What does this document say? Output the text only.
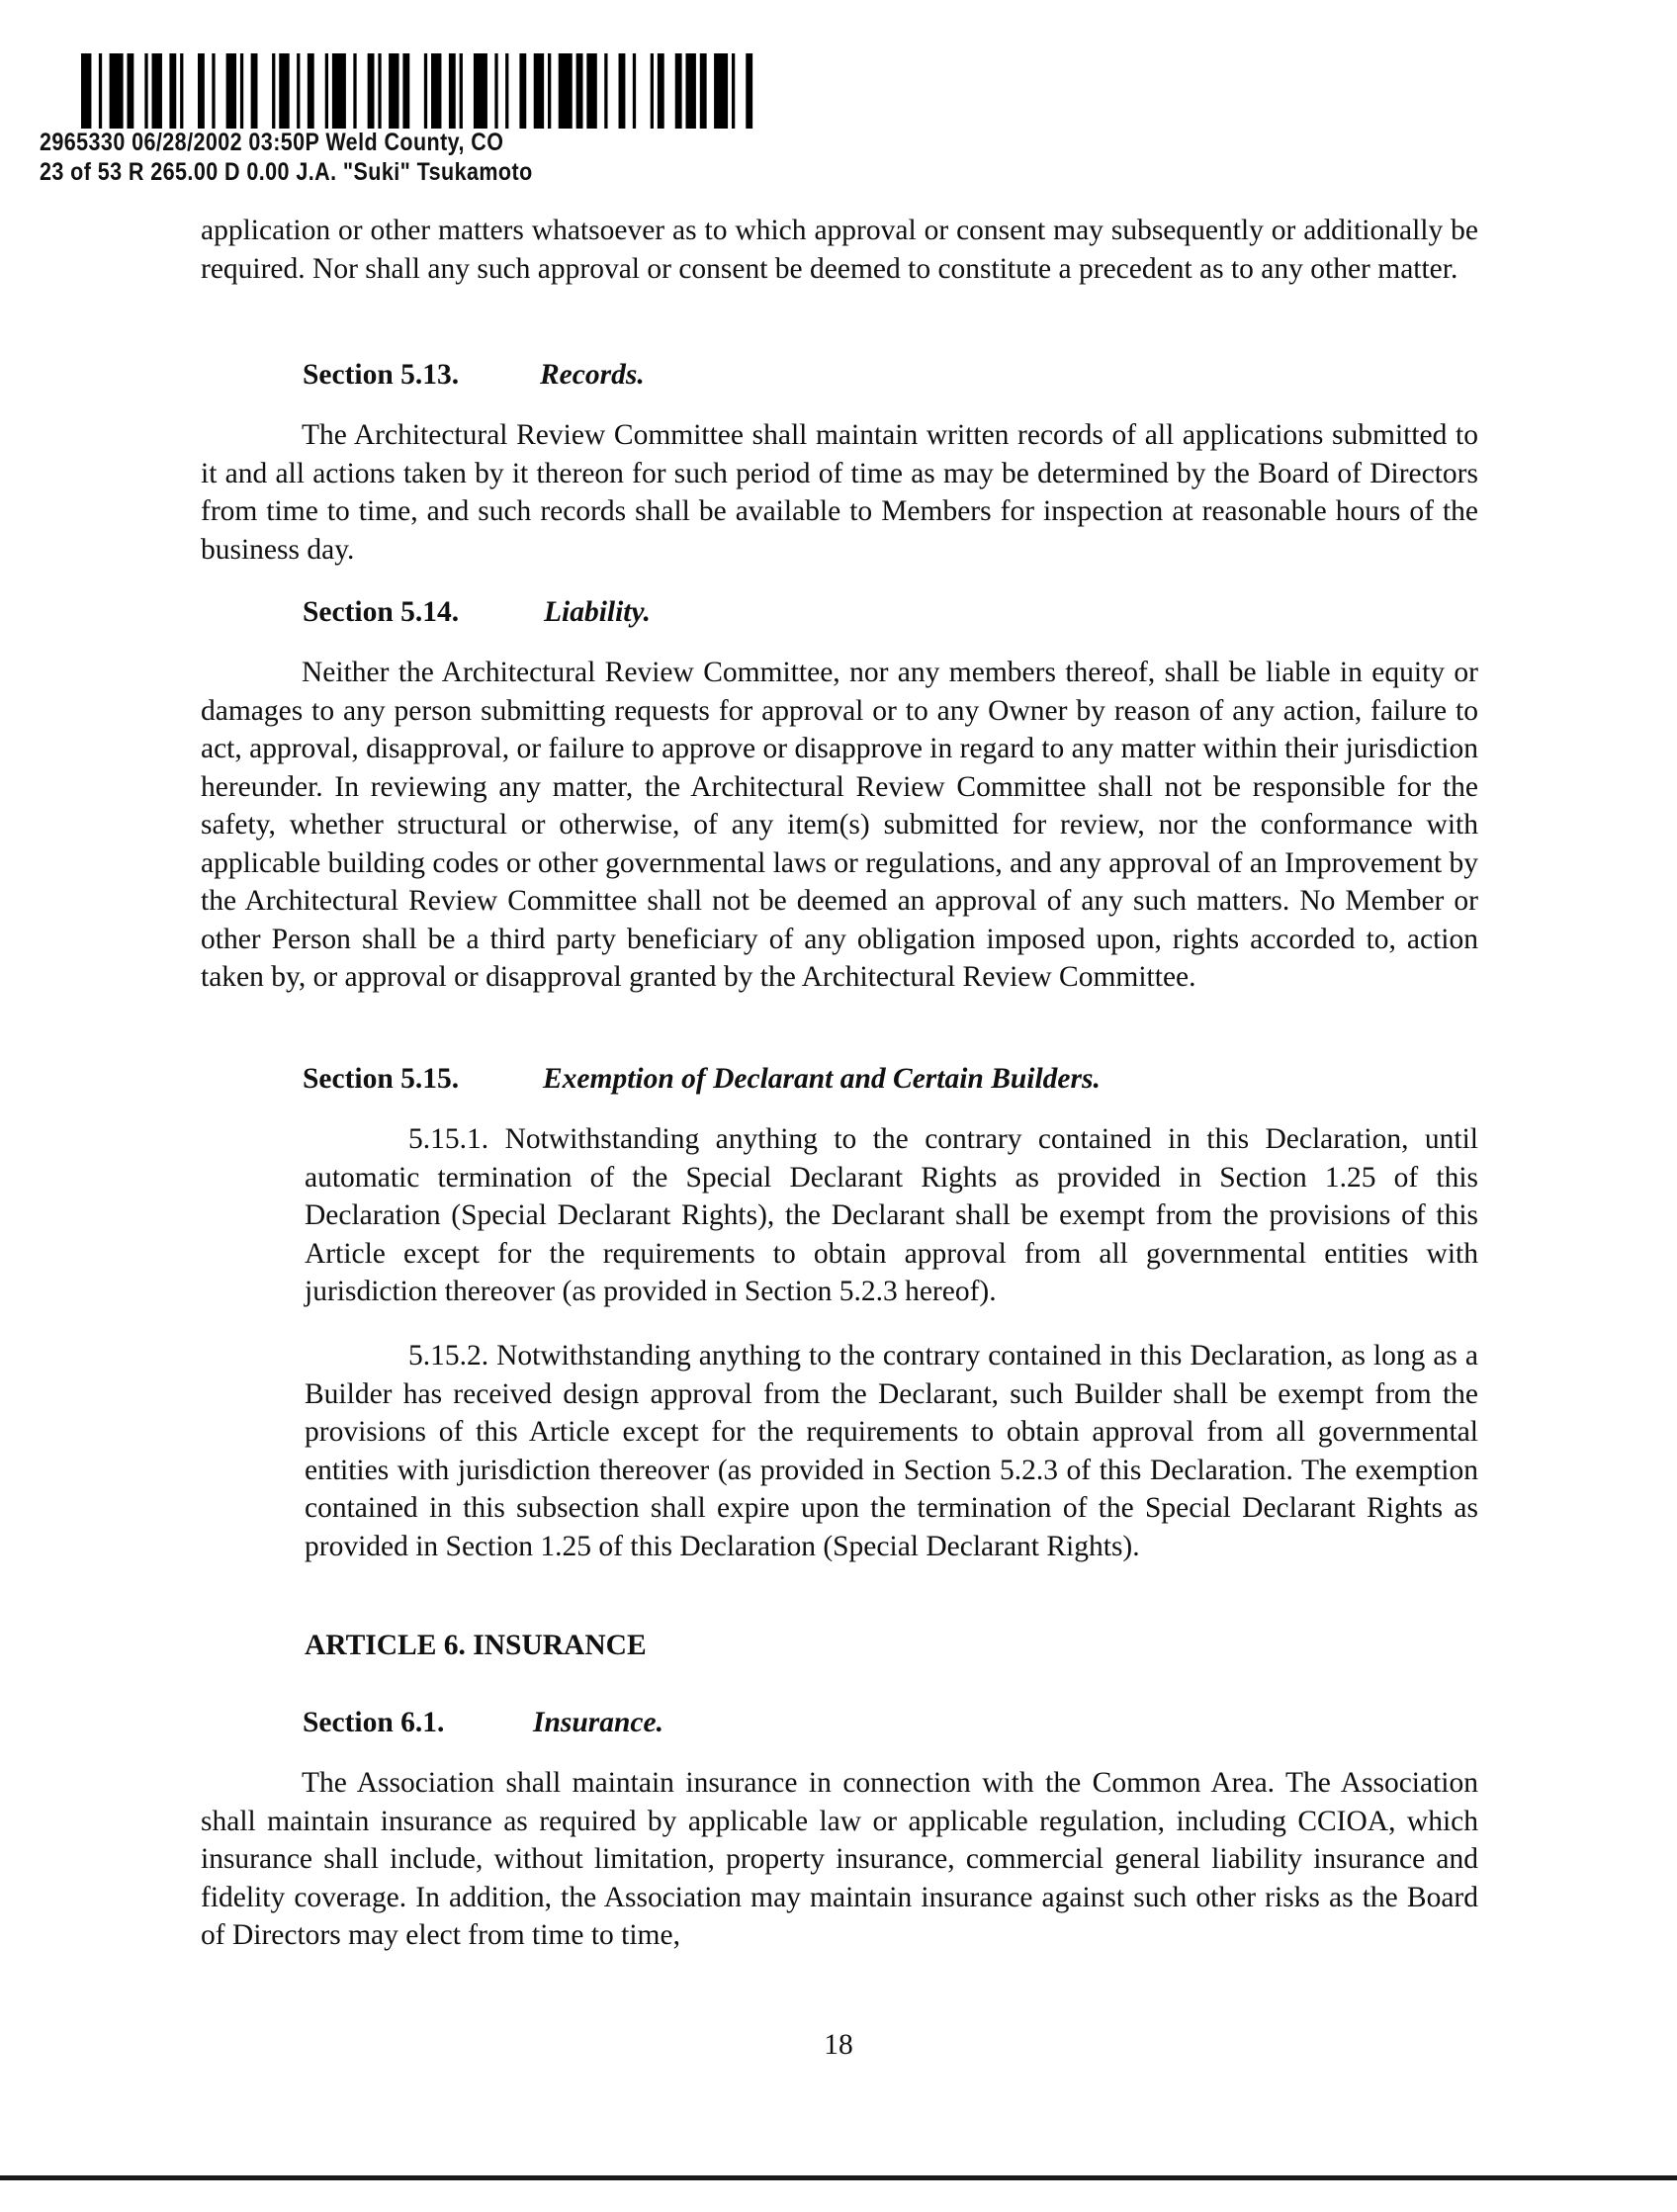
2965330 06/28/2002 03:50P Weld County, CO
23 of 53 R 265.00 D 0.00 J.A. "Suki" Tsukamoto

application or other matters whatsoever as to which approval or consent may subsequently or additionally be required. Nor shall any such approval or consent be deemed to constitute a precedent as to any other matter.

Section 5.13.	Records.

The Architectural Review Committee shall maintain written records of all applications submitted to it and all actions taken by it thereon for such period of time as may be determined by the Board of Directors from time to time, and such records shall be available to Members for inspection at reasonable hours of the business day.

Section 5.14.	Liability.

Neither the Architectural Review Committee, nor any members thereof, shall be liable in equity or damages to any person submitting requests for approval or to any Owner by reason of any action, failure to act, approval, disapproval, or failure to approve or disapprove in regard to any matter within their jurisdiction hereunder. In reviewing any matter, the Architectural Review Committee shall not be responsible for the safety, whether structural or otherwise, of any item(s) submitted for review, nor the conformance with applicable building codes or other governmental laws or regulations, and any approval of an Improvement by the Architectural Review Committee shall not be deemed an approval of any such matters. No Member or other Person shall be a third party beneficiary of any obligation imposed upon, rights accorded to, action taken by, or approval or disapproval granted by the Architectural Review Committee.

Section 5.15.	Exemption of Declarant and Certain Builders.

5.15.1. Notwithstanding anything to the contrary contained in this Declaration, until automatic termination of the Special Declarant Rights as provided in Section 1.25 of this Declaration (Special Declarant Rights), the Declarant shall be exempt from the provisions of this Article except for the requirements to obtain approval from all governmental entities with jurisdiction thereover (as provided in Section 5.2.3 hereof).

5.15.2. Notwithstanding anything to the contrary contained in this Declaration, as long as a Builder has received design approval from the Declarant, such Builder shall be exempt from the provisions of this Article except for the requirements to obtain approval from all governmental entities with jurisdiction thereover (as provided in Section 5.2.3 of this Declaration. The exemption contained in this subsection shall expire upon the termination of the Special Declarant Rights as provided in Section 1.25 of this Declaration (Special Declarant Rights).

ARTICLE 6. INSURANCE
Section 6.1.	Insurance.

The Association shall maintain insurance in connection with the Common Area. The Association shall maintain insurance as required by applicable law or applicable regulation, including CCIOA, which insurance shall include, without limitation, property insurance, commercial general liability insurance and fidelity coverage. In addition, the Association may maintain insurance against such other risks as the Board of Directors may elect from time to time,

18
